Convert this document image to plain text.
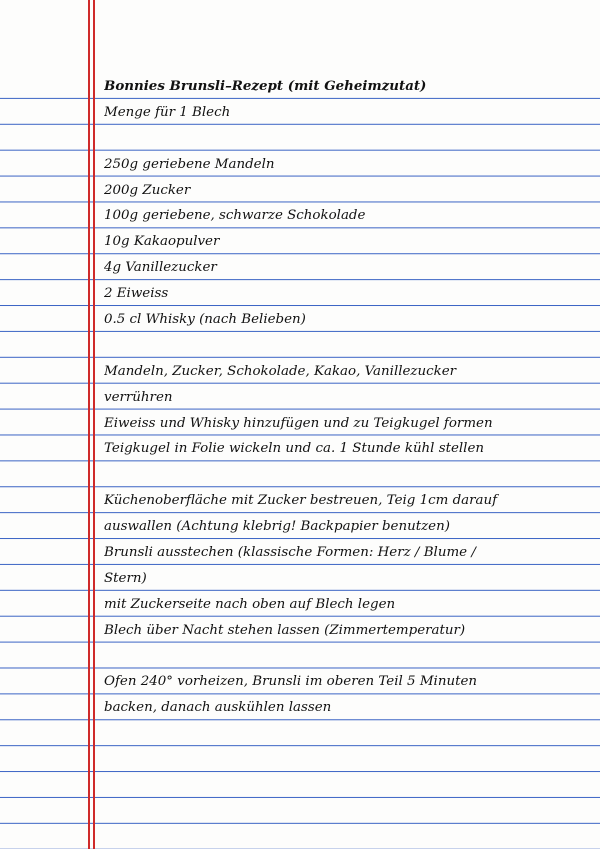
Bonnies Brunsli–Rezept (mit Geheimzutat)
Menge für 1 Blech
250g geriebene Mandeln
200g Zucker
100g geriebene, schwarze Schokolade
10g Kakaopulver
4g Vanillezucker
2 Eiweiss
0.5 cl Whisky (nach Belieben)
Mandeln, Zucker, Schokolade, Kakao, Vanillezucker
verrühren
Eiweiss und Whisky hinzufügen und zu Teigkugel formen
Teigkugel in Folie wickeln und ca. 1 Stunde kühl stellen
Küchenoberfläche mit Zucker bestreuen, Teig 1cm darauf
auswallen (Achtung klebrig! Backpapier benutzen)
Brunsli ausstechen (klassische Formen: Herz / Blume /
Stern)
mit Zuckerseite nach oben auf Blech legen
Blech über Nacht stehen lassen (Zimmertemperatur)
Ofen 240° vorheizen, Brunsli im oberen Teil 5 Minuten
backen, danach auskühlen lassen
